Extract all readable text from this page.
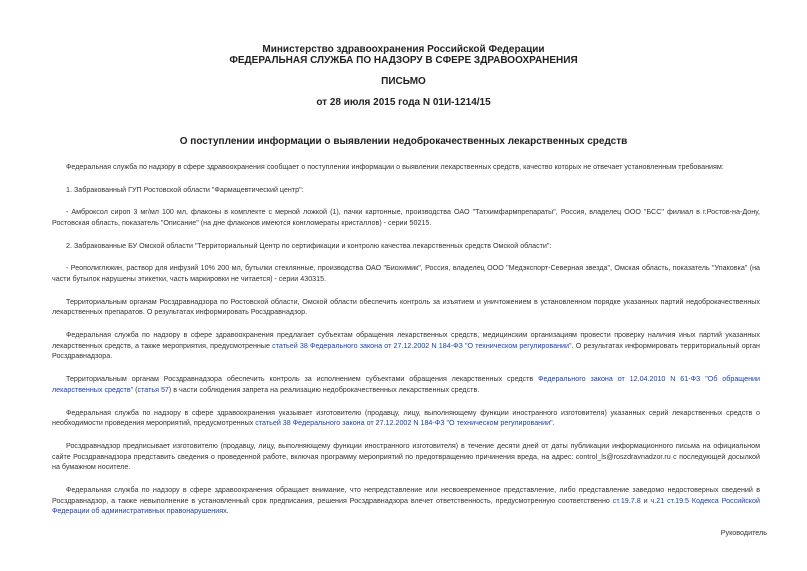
Министерство здравоохранения Российской Федерации
ФЕДЕРАЛЬНАЯ СЛУЖБА ПО НАДЗОРУ В СФЕРЕ ЗДРАВООХРАНЕНИЯ
ПИСЬМО
от 28 июля 2015 года N 01И-1214/15
О поступлении информации о выявлении недоброкачественных лекарственных средств

Федеральная служба по надзору в сфере здравоохранения сообщает о поступлении информации о выявлении лекарственных средств, качество которых не отвечает установленным требованиям:

1. Забракованный ГУП Ростовской области "Фармацевтический центр":

- Амброксол сироп 3 мг/мл 100 мл, флаконы в комплекте с мерной ложкой (1), пачки картонные, производства ОАО "Татхимфармпрепараты", Россия, владелец ООО "БСС" филиал в г.Ростов-на-Дону, Ростовская область, показатель "Описание" (на дне флаконов имеются конгломераты кристаллов) - серии 50215.

2. Забракованные БУ Омской области "Территориальный Центр по сертификации и контролю качества лекарственных средств Омской области":

- Реополиглюкин, раствор для инфузий 10% 200 мл, бутылки стеклянные, производства ОАО "Биохимик", Россия, владелец ООО "Медэкспорт-Северная звезда", Омская область, показатель "Упаковка" (на части бутылок нарушены этикетки, часть маркировки не читается) - серии 430315.

Территориальным органам Росздравнадзора по Ростовской области, Омской области обеспечить контроль за изъятием и уничтожением в установленном порядке указанных партий недоброкачественных лекарственных препаратов. О результатах информировать Росздравнадзор.

Федеральная служба по надзору в сфере здравоохранения предлагает субъектам обращения лекарственных средств, медицинским организациям провести проверку наличия иных партий указанных лекарственных средств, а также мероприятия, предусмотренные статьей 38 Федерального закона от 27.12.2002 N 184-ФЗ "О техническом регулировании". О результатах информировать территориальный орган Росздравнадзора.

Территориальным органам Росздравнадзора обеспечить контроль за исполнением субъектами обращения лекарственных средств Федерального закона от 12.04.2010 N 61-ФЗ "Об обращении лекарственных средств" (статья 57) в части соблюдения запрета на реализацию недоброкачественных лекарственных средств.

Федеральная служба по надзору в сфере здравоохранения указывает изготовителю (продавцу, лицу, выполняющему функции иностранного изготовителя) указанных серий лекарственных средств о необходимости проведения мероприятий, предусмотренных статьей 38 Федерального закона от 27.12.2002 N 184-ФЗ "О техническом регулировании".

Росздравнадзор предписывает изготовителю (продавцу, лицу, выполняющему функции иностранного изготовителя) в течение десяти дней от даты публикации информационного письма на официальном сайте Росздравнадзора представить сведения о проведенной работе, включая программу мероприятий по предотвращению причинения вреда, на адрес: control_ls@roszdravnadzor.ru с последующей досылкой на бумажном носителе.

Федеральная служба по надзору в сфере здравоохранения обращает внимание, что непредставление или несвоевременное представление, либо представление заведомо недостоверных сведений в Росздравнадзор, а также невыполнение в установленный срок предписания, решения Росздравнадзора влечет ответственность, предусмотренную соответственно ст.19.7.8 и ч.21 ст.19.5 Кодекса Российской Федерации об административных правонарушениях.

Руководитель
